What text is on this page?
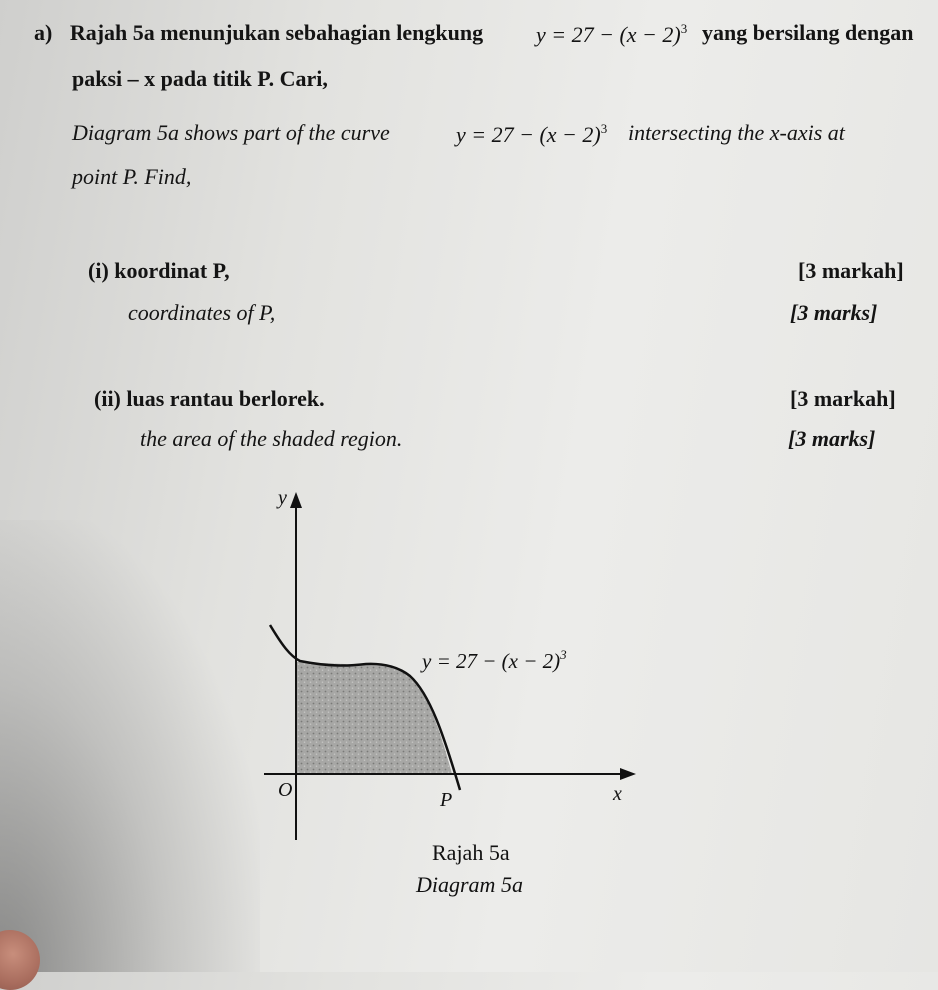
a) Rajah 5a menunjukan sebahagian lengkung $y = 27 - (x - 2)^3$ yang bersilang dengan
paksi – x pada titik P. Cari,
Diagram 5a shows part of the curve	$y = 27 - (x - 2)^3$ intersecting the x-axis at
point P. Find,
(i) koordinat P,	[3 markah]
coordinates of P,	[3 marks]
(ii) luas rantau berlorek.	[3 markah]
the area of the shaded region.	[3 marks]
y
x
O	P
$y = 27 - (x - 2)^3$
Rajah 5a
Diagram 5a
